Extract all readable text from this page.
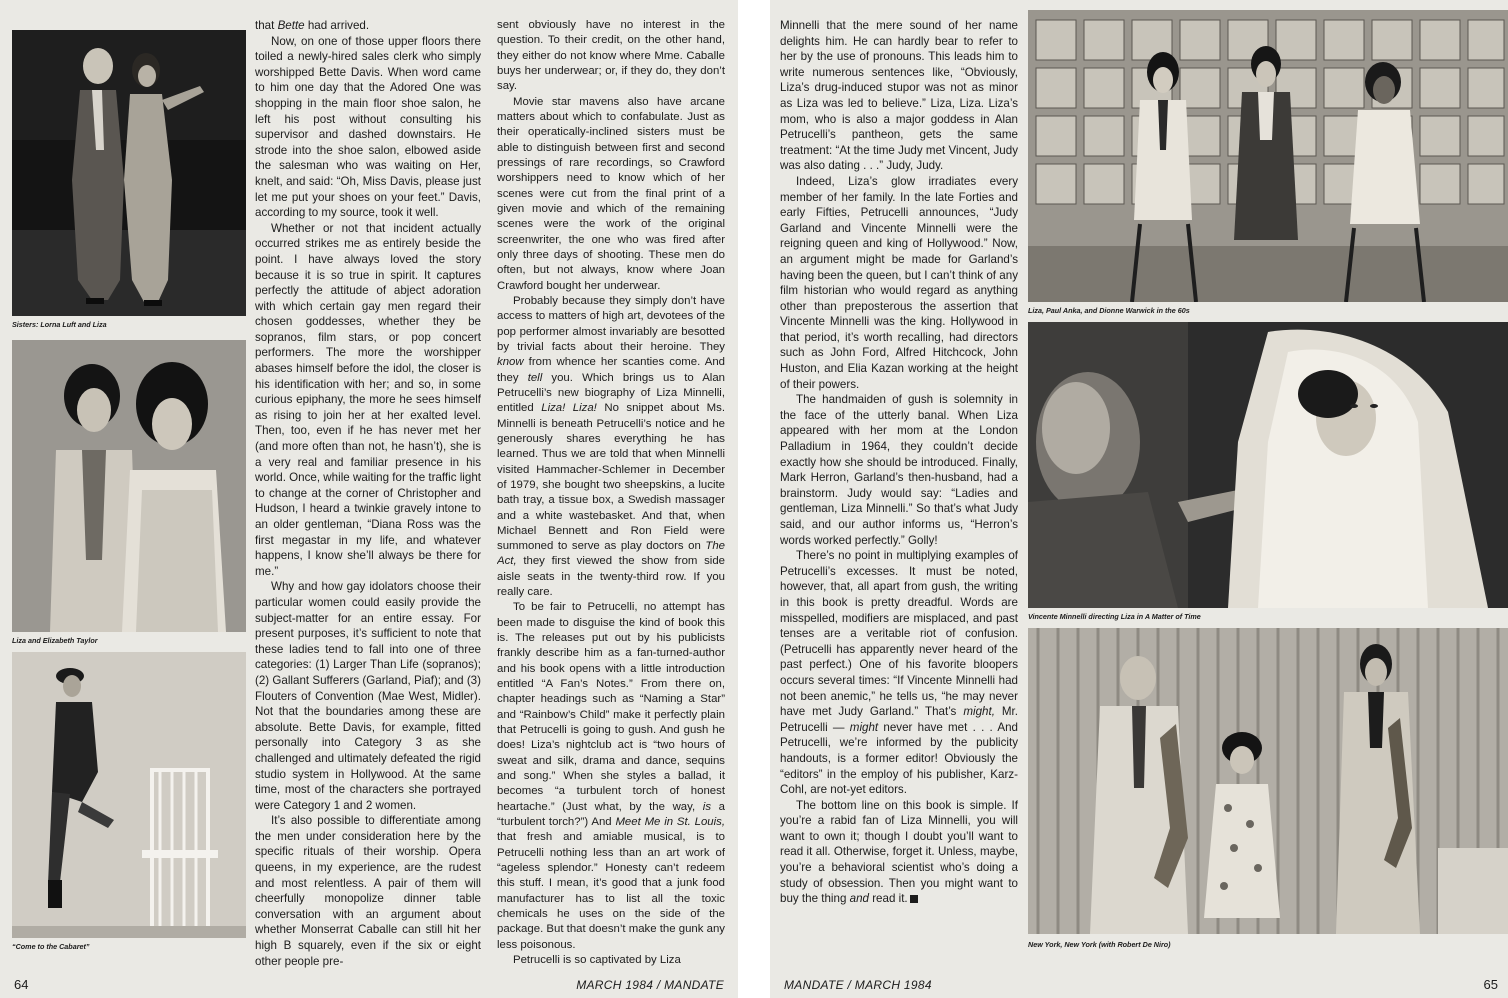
Sisters: Lorna Luft and Liza
Liza and Elizabeth Taylor
“Come to the Cabaret”

that Bette had arrived.

Now, on one of those upper floors there toiled a newly-hired sales clerk who simply worshipped Bette Davis. When word came to him one day that the Adored One was shopping in the main floor shoe salon, he left his post without consulting his supervisor and dashed downstairs. He strode into the shoe salon, elbowed aside the salesman who was waiting on Her, knelt, and said: “Oh, Miss Davis, please just let me put your shoes on your feet.” Davis, according to my source, took it well.

Whether or not that incident actually occurred strikes me as entirely beside the point. I have always loved the story because it is so true in spirit. It captures perfectly the attitude of abject adoration with which certain gay men regard their chosen goddesses, whether they be sopranos, film stars, or pop concert performers. The more the worshipper abases himself before the idol, the closer is his identification with her; and so, in some curious epiphany, the more he sees himself as rising to join her at her exalted level. Then, too, even if he has never met her (and more often than not, he hasn’t), she is a very real and familiar presence in his world. Once, while waiting for the traffic light to change at the corner of Christopher and Hudson, I heard a twinkie gravely intone to an older gentleman, “Diana Ross was the first megastar in my life, and whatever happens, I know she’ll always be there for me.”

Why and how gay idolators choose their particular women could easily provide the subject-matter for an entire essay. For present purposes, it’s sufficient to note that these ladies tend to fall into one of three categories: (1) Larger Than Life (sopranos); (2) Gallant Sufferers (Garland, Piaf); and (3) Flouters of Convention (Mae West, Midler). Not that the boundaries among these are absolute. Bette Davis, for example, fitted personally into Category 3 as she challenged and ultimately defeated the rigid studio system in Hollywood. At the same time, most of the characters she portrayed were Category 1 and 2 women.

It’s also possible to differentiate among the men under consideration here by the specific rituals of their worship. Opera queens, in my experience, are the rudest and most relentless. A pair of them will cheerfully monopolize dinner table conversation with an argument about whether Monserrat Caballe can still hit her high B squarely, even if the six or eight other people pre-

sent obviously have no interest in the question. To their credit, on the other hand, they either do not know where Mme. Caballe buys her underwear; or, if they do, they don’t say.

Movie star mavens also have arcane matters about which to confabulate. Just as their operatically-inclined sisters must be able to distinguish between first and second pressings of rare recordings, so Crawford worshippers need to know which of her scenes were cut from the final print of a given movie and which of the remaining scenes were the work of the original screenwriter, the one who was fired after only three days of shooting. These men do often, but not always, know where Joan Crawford bought her underwear.

Probably because they simply don’t have access to matters of high art, devotees of the pop performer almost invariably are besotted by trivial facts about their heroine. They know from whence her scanties come. And they tell you. Which brings us to Alan Petrucelli’s new biography of Liza Minnelli, entitled Liza! Liza! No snippet about Ms. Minnelli is beneath Petrucelli’s notice and he generously shares everything he has learned. Thus we are told that when Minnelli visited Hammacher-Schlemer in December of 1979, she bought two sheepskins, a lucite bath tray, a tissue box, a Swedish massager and a white wastebasket. And that, when Michael Bennett and Ron Field were summoned to serve as play doctors on The Act, they first viewed the show from side aisle seats in the twenty-third row. If you really care.

To be fair to Petrucelli, no attempt has been made to disguise the kind of book this is. The releases put out by his publicists frankly describe him as a fan-turned-author and his book opens with a little introduction entitled “A Fan’s Notes.” From there on, chapter headings such as “Naming a Star” and “Rainbow’s Child” make it perfectly plain that Petrucelli is going to gush. And gush he does! Liza’s nightclub act is “two hours of sweat and silk, drama and dance, sequins and song.” When she styles a ballad, it becomes “a turbulent torch of honest heartache.” (Just what, by the way, is a “turbulent torch?”) And Meet Me in St. Louis, that fresh and amiable musical, is to Petrucelli nothing less than an art work of “ageless splendor.” Honesty can’t redeem this stuff. I mean, it’s good that a junk food manufacturer has to list all the toxic chemicals he uses on the side of the package. But that doesn’t make the gunk any less poisonous.

Petrucelli is so captivated by Liza

64	MARCH 1984 / MANDATE

Minnelli that the mere sound of her name delights him. He can hardly bear to refer to her by the use of pronouns. This leads him to write numerous sentences like, “Obviously, Liza’s drug-induced stupor was not as minor as Liza was led to believe.” Liza, Liza. Liza’s mom, who is also a major goddess in Alan Petrucelli’s pantheon, gets the same treatment: “At the time Judy met Vincent, Judy was also dating . . .” Judy, Judy.

Indeed, Liza’s glow irradiates every member of her family. In the late Forties and early Fifties, Petrucelli announces, “Judy Garland and Vincente Minnelli were the reigning queen and king of Hollywood.” Now, an argument might be made for Garland’s having been the queen, but I can’t think of any film historian who would regard as anything other than preposterous the assertion that Vincente Minnelli was the king. Hollywood in that period, it’s worth recalling, had directors such as John Ford, Alfred Hitchcock, John Huston, and Elia Kazan working at the height of their powers.

The handmaiden of gush is solemnity in the face of the utterly banal. When Liza appeared with her mom at the London Palladium in 1964, they couldn’t decide exactly how she should be introduced. Finally, Mark Herron, Garland’s then-husband, had a brainstorm. Judy would say: “Ladies and gentleman, Liza Minnelli.” So that’s what Judy said, and our author informs us, “Herron’s words worked perfectly.” Golly!

There’s no point in multiplying examples of Petrucelli’s excesses. It must be noted, however, that, all apart from gush, the writing in this book is pretty dreadful. Words are misspelled, modifiers are misplaced, and past tenses are a veritable riot of confusion. (Petrucelli has apparently never heard of the past perfect.) One of his favorite bloopers occurs several times: “If Vincente Minnelli had not been anemic,” he tells us, “he may never have met Judy Garland.” That’s might, Mr. Petrucelli — might never have met . . . And Petrucelli, we’re informed by the publicity handouts, is a former editor! Obviously the “editors” in the employ of his publisher, Karz-Cohl, are not-yet editors.

The bottom line on this book is simple. If you’re a rabid fan of Liza Minnelli, you will want to own it; though I doubt you’ll want to read it all. Otherwise, forget it. Unless, maybe, you’re a behavioral scientist who’s doing a study of obsession. Then you might want to buy the thing and read it.

Liza, Paul Anka, and Dionne Warwick in the 60s
Vincente Minnelli directing Liza in A Matter of Time
New York, New York (with Robert De Niro)
MANDATE / MARCH 1984	65
